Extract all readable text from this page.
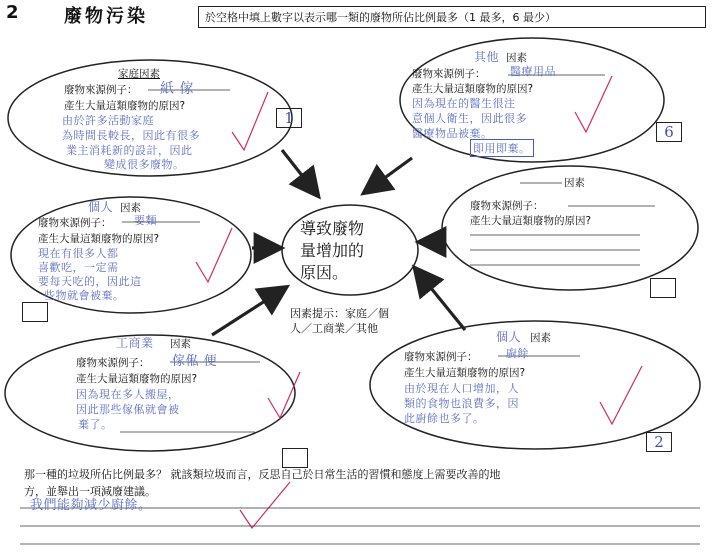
2	廢物污染	於空格中填上數字以表示哪一類的廢物所佔比例最多（1 最多，6 最少）
導致廢物
量增加的
原因。
因素提示：家庭／個
人／工商業／其他
家庭因素
廢物來源例子： 紙 傢
產生大量這類廢物的原因?
由於許多活動家庭
為時間長較長，因此有很多
業主消耗新的設計，因此
變成很多廢物。
1
其他 因素
廢物來源例子： 醫療用品
產生大量這類廢物的原因?
因為現在的醫生很注
意個人衛生，因此很多
醫療物品被棄。
即用即棄。
6
個人 因素
廢物來源例子： 要麵
產生大量這類廢物的原因?
現在有很多人都
喜歡吃，一定需
要每天吃的，因此這
些物就會被棄。
因素
廢物來源例子：
產生大量這類廢物的原因?
工商業 因素
廢物來源例子： 傢俬 便
產生大量這類廢物的原因?
因為現在多人搬屋，
因此那些傢俬就會被
棄了。
個人 因素
廢物來源例子：	廚餘
產生大量這類廢物的原因?
由於現在人口增加，人
類的食物也浪費多，因
此廚餘也多了。
2
那一種的垃圾所佔比例最多？ 就該類垃圾而言，反思自己於日常生活的習慣和態度上需要改善的地
方，並舉出一項減廢建議。
我們能夠減少廚餘。
